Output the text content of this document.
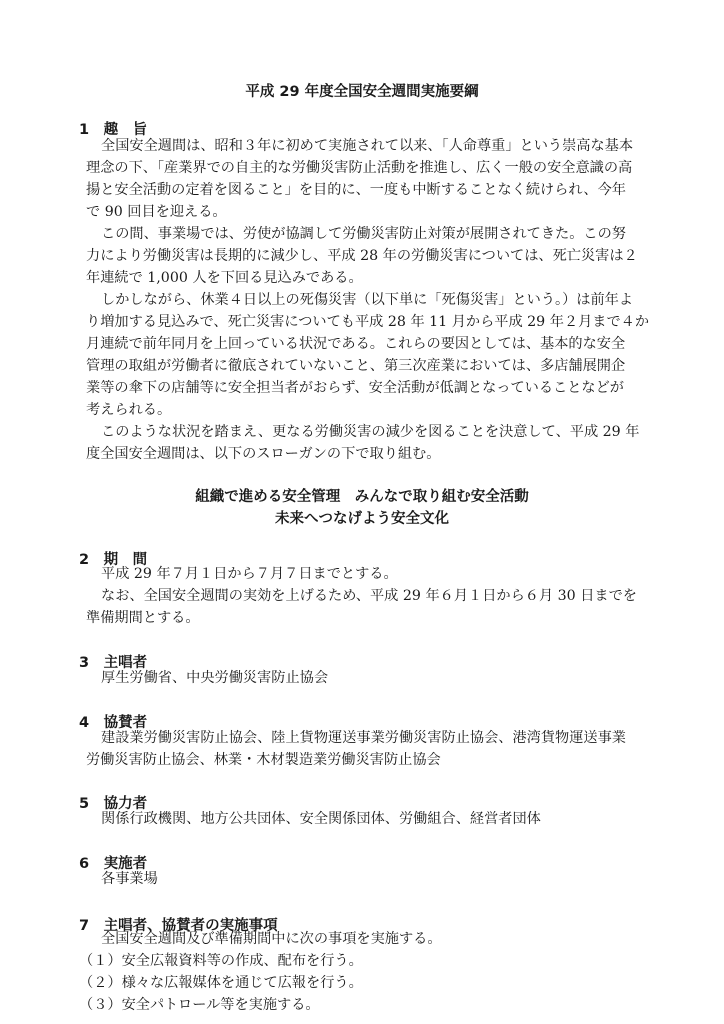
平成 29 年度全国安全週間実施要綱
1　趣　旨
全国安全週間は、昭和３年に初めて実施されて以来、「人命尊重」という崇高な基本
理念の下、「産業界での自主的な労働災害防止活動を推進し、広く一般の安全意識の高
揚と安全活動の定着を図ること」を目的に、一度も中断することなく続けられ、今年
で 90 回目を迎える。
この間、事業場では、労使が協調して労働災害防止対策が展開されてきた。この努
力により労働災害は長期的に減少し、平成 28 年の労働災害については、死亡災害は２
年連続で 1,000 人を下回る見込みである。
しかしながら、休業４日以上の死傷災害（以下単に「死傷災害」という。）は前年よ
り増加する見込みで、死亡災害についても平成 28 年 11 月から平成 29 年２月まで４か
月連続で前年同月を上回っている状況である。これらの要因としては、基本的な安全
管理の取組が労働者に徹底されていないこと、第三次産業においては、多店舗展開企
業等の傘下の店舗等に安全担当者がおらず、安全活動が低調となっていることなどが
考えられる。
このような状況を踏まえ、更なる労働災害の減少を図ることを決意して、平成 29 年
度全国安全週間は、以下のスローガンの下で取り組む。
組織で進める安全管理　みんなで取り組む安全活動
未来へつなげよう安全文化
2　期　間
平成 29 年７月１日から７月７日までとする。
なお、全国安全週間の実効を上げるため、平成 29 年６月１日から６月 30 日までを
準備期間とする。
3　主唱者
厚生労働省、中央労働災害防止協会
4　協賛者
建設業労働災害防止協会、陸上貨物運送事業労働災害防止協会、港湾貨物運送事業
労働災害防止協会、林業・木材製造業労働災害防止協会
5　協力者
関係行政機関、地方公共団体、安全関係団体、労働組合、経営者団体
6　実施者
各事業場
7　主唱者、協賛者の実施事項
全国安全週間及び準備期間中に次の事項を実施する。
（１）安全広報資料等の作成、配布を行う。
（２）様々な広報媒体を通じて広報を行う。
（３）安全パトロール等を実施する。
